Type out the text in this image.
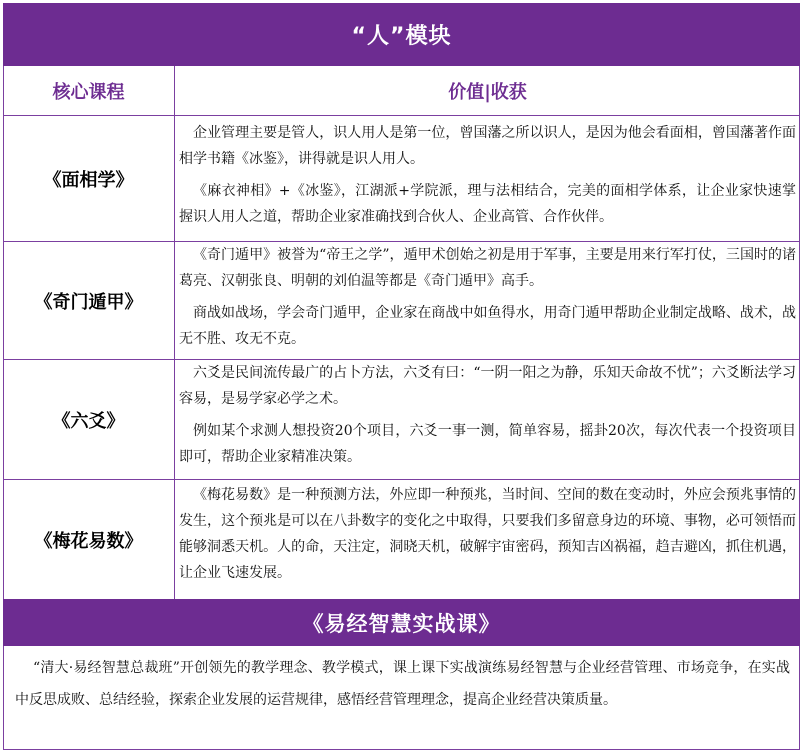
“人”模块
核心课程	价值|收获
《面相学》

企业管理主要是管人，识人用人是第一位，曾国藩之所以识人，是因为他会看面相，曾国藩著作面相学书籍《冰鉴》，讲得就是识人用人。

《麻衣神相》+《冰鉴》，江湖派+学院派，理与法相结合，完美的面相学体系，让企业家快速掌握识人用人之道，帮助企业家准确找到合伙人、企业高管、合作伙伴。

《奇门遁甲》

《奇门遁甲》被誉为“帝王之学”，遁甲术创始之初是用于军事，主要是用来行军打仗，三国时的诸葛亮、汉朝张良、明朝的刘伯温等都是《奇门遁甲》高手。

商战如战场，学会奇门遁甲，企业家在商战中如鱼得水，用奇门遁甲帮助企业制定战略、战术，战无不胜、攻无不克。

《六爻》

六爻是民间流传最广的占卜方法，六爻有曰：“一阴一阳之为静，乐知天命故不忧”；六爻断法学习容易，是易学家必学之术。

例如某个求测人想投资20个项目，六爻一事一测，简单容易，摇卦20次，每次代表一个投资项目即可，帮助企业家精准决策。

《梅花易数》

《梅花易数》是一种预测方法，外应即一种预兆，当时间、空间的数在变动时，外应会预兆事情的发生，这个预兆是可以在八卦数字的变化之中取得，只要我们多留意身边的环境、事物，必可领悟而能够洞悉天机。人的命，天注定，洞晓天机，破解宇宙密码，预知吉凶祸福，趋吉避凶，抓住机遇，让企业飞速发展。

《易经智慧实战课》

“清大·易经智慧总裁班”开创领先的教学理念、教学模式，课上课下实战演练易经智慧与企业经营管理、市场竞争，在实战中反思成败、总结经验，探索企业发展的运营规律，感悟经营管理理念，提高企业经营决策质量。
